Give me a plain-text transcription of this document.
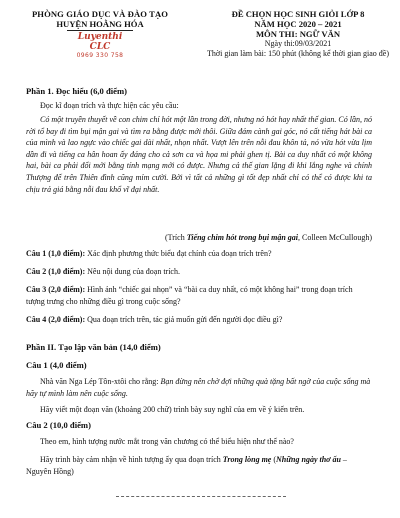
PHÒNG GIÁO DỤC VÀ ĐÀO TẠO
HUYỆN HOẰNG HÓA
Luyenthi CLC
0969 330 758
ĐỀ CHỌN HỌC SINH GIỎI LỚP 8
NĂM HỌC 2020 – 2021
MÔN THI: NGỮ VĂN
Ngày thi:09/03/2021
Thời gian làm bài: 150 phút (không kể thời gian giao đề)
Phần 1. Đọc hiểu (6,0 điểm)
Đọc kĩ đoạn trích và thực hiện các yêu cầu:
Có một truyền thuyết về con chim chỉ hót một lần trong đời, nhưng nó hót hay nhất thế gian. Có lần, nó rời tổ bay đi tìm bụi mận gai và tìm ra bằng được mới thôi. Giữa đám cành gai góc, nó cất tiếng hát bài ca của mình và lao ngực vào chiếc gai dài nhất, nhọn nhất. Vượt lên trên nỗi đau khôn tả, nó vừa hót vừa lịm dần đi và tiếng ca hân hoan ấy đáng cho cả sơn ca và họa mi phải ghen tị. Bài ca duy nhất có một không hai, bài ca phải đổi mới bằng tính mạng mới có được. Nhưng cả thế gian lặng đi khi lắng nghe và chính Thượng đế trên Thiên đình cũng mỉm cười. Bởi vì tất cả những gì tốt đẹp nhất chỉ có thể có được khi ta chịu trả giá bằng nỗi đau khổ vĩ đại nhất.
(Trích Tiếng chim hót trong bụi mận gai, Colleen McCullough)
Câu 1 (1,0 điểm): Xác định phương thức biểu đạt chính của đoạn trích trên?
Câu 2 (1,0 điểm): Nêu nội dung của đoạn trích.
Câu 3 (2,0 điểm): Hình ảnh “chiếc gai nhọn” và “bài ca duy nhất, có một không hai” trong đoạn trích tượng trưng cho những điều gì trong cuộc sống?
Câu 4 (2,0 điểm): Qua đoạn trích trên, tác giả muốn gửi đến người đọc điều gì?
Phần II. Tạo lập văn bản (14,0 điểm)
Câu 1 (4,0 điểm)
Nhà văn Nga Lép Tôn-xtôi cho rằng: Bạn đừng nên chờ đợi những quà tặng bất ngờ của cuộc sống mà hãy tự mình làm nên cuộc sống.
Hãy viết một đoạn văn (khoảng 200 chữ) trình bày suy nghĩ của em về ý kiến trên.
Câu 2 (10,0 điểm)
Theo em, hình tượng nước mắt trong văn chương có thể biểu hiện như thế nào?
Hãy trình bày cảm nhận về hình tượng ấy qua đoạn trích Trong lòng mẹ (Những ngày thơ ấu – Nguyên Hồng)
